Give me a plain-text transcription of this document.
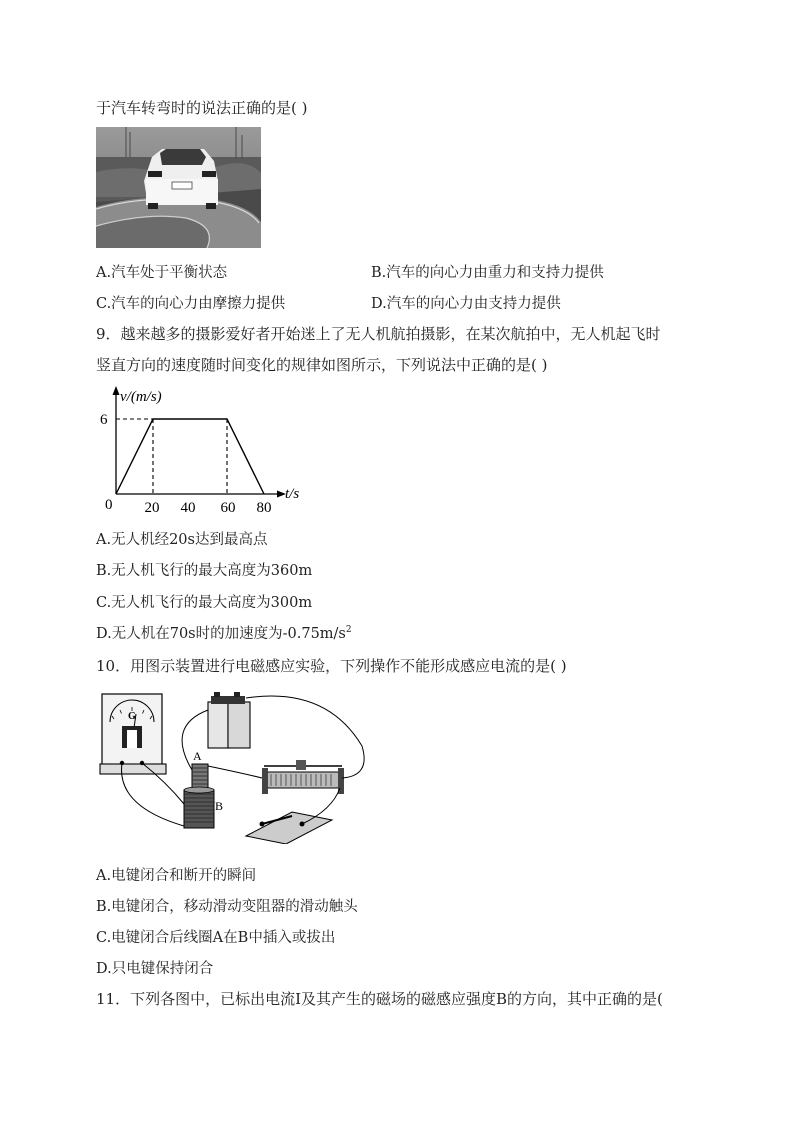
于汽车转弯时的说法正确的是( )
A.汽车处于平衡状态	B.汽车的向心力由重力和支持力提供
C.汽车的向心力由摩擦力提供	D.汽车的向心力由支持力提供
9．越来越多的摄影爱好者开始迷上了无人机航拍摄影，在某次航拍中，无人机起飞时
竖直方向的速度随时间变化的规律如图所示，下列说法中正确的是( )
v/(m/s)
t/s
0
6
20 40 60 80
A.无人机经20s达到最高点
B.无人机飞行的最大高度为360m
C.无人机飞行的最大高度为300m
D.无人机在70s时的加速度为$-0.75m/s^2$
10．用图示装置进行电磁感应实验，下列操作不能形成感应电流的是( )
G
A
B
A.电键闭合和断开的瞬间
B.电键闭合，移动滑动变阻器的滑动触头
C.电键闭合后线圈A在B中插入或拔出
D.只电键保持闭合
11．下列各图中，已标出电流I及其产生的磁场的磁感应强度B的方向，其中正确的是(
